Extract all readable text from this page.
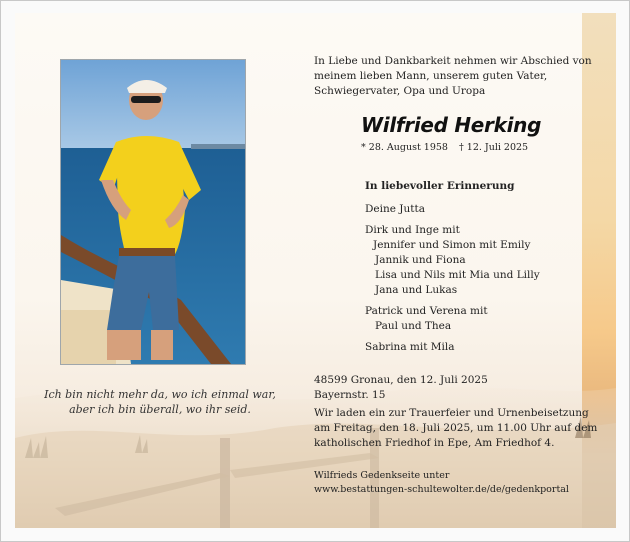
Ich bin nicht mehr da, wo ich einmal war,
aber ich bin überall, wo ihr seid.
In Liebe und Dankbarkeit nehmen wir Abschied von
meinem lieben Mann, unserem guten Vater,
Schwiegervater, Opa und Uropa
Wilfried Herking
* 28. August 1958 † 12. Juli 2025
In liebevoller Erinnerung
Deine Jutta
Dirk und Inge mit
Jennifer und Simon mit Emily
Jannik und Fiona
Lisa und Nils mit Mia und Lilly
Jana und Lukas
Patrick und Verena mit
Paul und Thea
Sabrina mit Mila
48599 Gronau, den 12. Juli 2025
Bayernstr. 15
Wir laden ein zur Trauerfeier und Urnenbeisetzung
am Freitag, den 18. Juli 2025, um 11.00 Uhr auf dem
katholischen Friedhof in Epe, Am Friedhof 4.
Wilfrieds Gedenkseite unter
www.bestattungen-schultewolter.de/de/gedenkportal
